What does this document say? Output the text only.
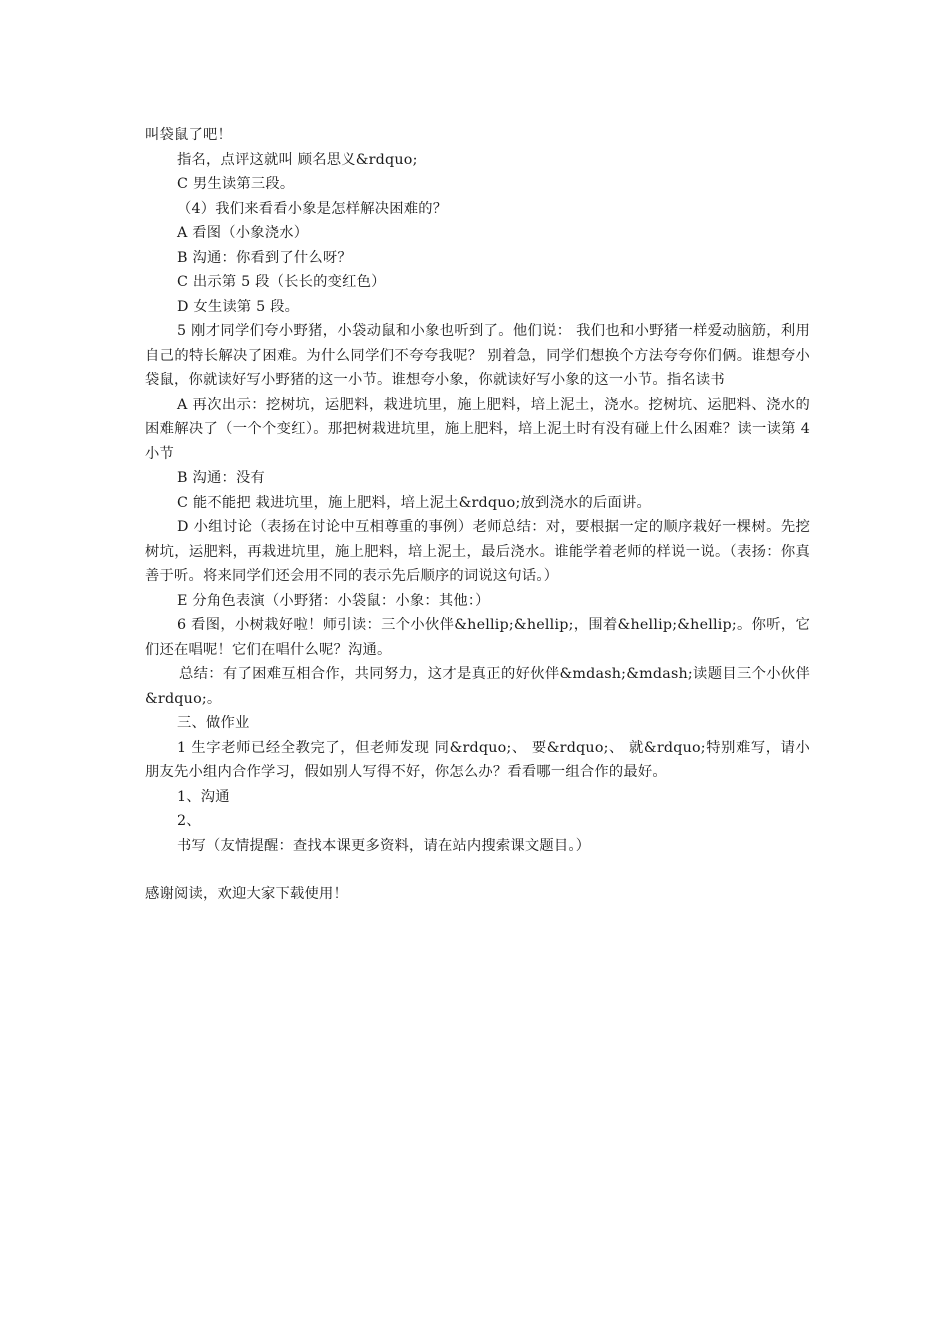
叫袋鼠了吧！

指名，点评这就叫 顾名思义&rdquo;

C 男生读第三段。

（4）我们来看看小象是怎样解决困难的？

A 看图（小象浇水）

B 沟通：你看到了什么呀？

C 出示第 5 段（长长的变红色）

D 女生读第 5 段。

5 刚才同学们夸小野猪，小袋动鼠和小象也听到了。他们说： 我们也和小野猪一样爱动脑筋，利用自己的特长解决了困难。为什么同学们不夸夸我呢？ 别着急，同学们想换个方法夸夸你们俩。谁想夸小袋鼠，你就读好写小野猪的这一小节。谁想夸小象，你就读好写小象的这一小节。指名读书

A 再次出示：挖树坑，运肥料，栽进坑里，施上肥料，培上泥土，浇水。挖树坑、运肥料、浇水的困难解决了（一个个变红）。那把树栽进坑里，施上肥料，培上泥土时有没有碰上什么困难？读一读第 4 小节

B 沟通：没有

C 能不能把 栽进坑里，施上肥料，培上泥土&rdquo;放到浇水的后面讲。

D 小组讨论（表扬在讨论中互相尊重的事例）老师总结：对，要根据一定的顺序栽好一棵树。先挖树坑，运肥料，再栽进坑里，施上肥料，培上泥土，最后浇水。谁能学着老师的样说一说。（表扬：你真善于听。将来同学们还会用不同的表示先后顺序的词说这句话。）

E 分角色表演（小野猪：小袋鼠：小象：其他：）

6 看图，小树栽好啦！师引读：三个小伙伴&hellip;&hellip;，围着&hellip;&hellip;。你听，它们还在唱呢！它们在唱什么呢？沟通。

总结：有了困难互相合作，共同努力，这才是真正的好伙伴&mdash;&mdash;读题目三个小伙伴&rdquo;。

三、做作业

1 生字老师已经全教完了，但老师发现 同&rdquo;、 要&rdquo;、 就&rdquo;特别难写，请小朋友先小组内合作学习，假如别人写得不好，你怎么办？看看哪一组合作的最好。

1、沟通

2、

书写（友情提醒：查找本课更多资料，请在站内搜索课文题目。）

感谢阅读，欢迎大家下载使用！
